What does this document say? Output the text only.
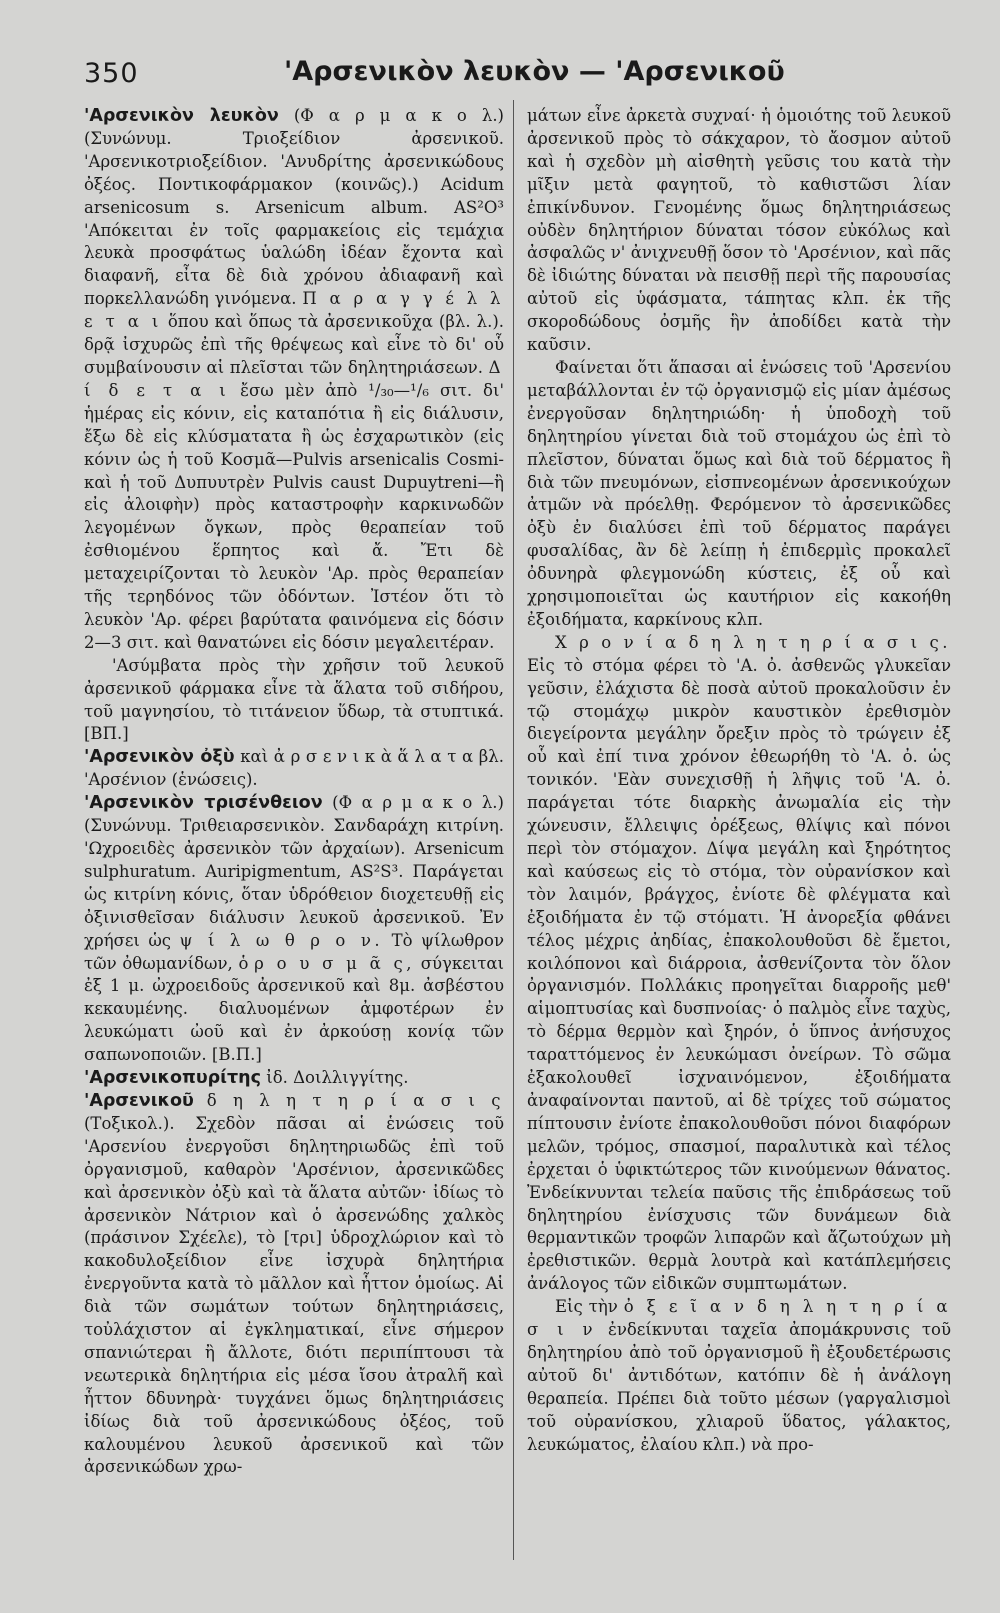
350	'Αρσενικὸν λευκὸν — 'Αρσενικοῦ

'Αρσενικὸν λευκὸν (Φ α ρ μ α κ ο λ.) (Συνώνυμ. Τριοξείδιον ἀρσενικοῦ. 'Αρσενικοτριοξείδιον. 'Ανυδρίτης ἀρσενικώδους ὀξέος. Ποντικοφάρμακον (κοινῶς).) Acidum arsenicosum s. Arsenicum album. AS²O³ 'Απόκειται ἐν τοῖς φαρμακείοις εἰς τεμάχια λευκὰ προσφάτως ὑαλώδη ἰδέαν ἔχοντα καὶ διαφανῆ, εἶτα δὲ διὰ χρόνου ἀδιαφανῆ καὶ πορκελλανώδη γινόμενα. Π α ρ α γ γ έ λ λ ε τ α ι ὅπου καὶ ὅπως τὰ ἀρσενικοῦχα (βλ. λ.). δρᾷ ἰσχυρῶς ἐπὶ τῆς θρέψεως καὶ εἶνε τὸ δι' οὗ συμβαίνουσιν αἱ πλεῖσται τῶν δηλητηριάσεων. Δ ί δ ε τ α ι ἔσω μὲν ἀπὸ ¹/₃₀—¹/₆ σιτ. δι' ἡμέρας εἰς κόνιν, εἰς καταπότια ἢ εἰς διάλυσιν, ἔξω δὲ εἰς κλύσματατα ἢ ὡς ἐσχαρωτικὸν (εἰς κόνιν ὡς ἡ τοῦ Κοσμᾶ—Pulvis arsenicalis Cosmi-καὶ ἡ τοῦ Δυπυυτρὲν Pulvis caust Dupuytreni—ἢ εἰς ἀλοιφὴν) πρὸς καταστροφὴν καρκινωδῶν λεγομένων ὄγκων, πρὸς θεραπείαν τοῦ ἐσθιομένου ἕρπητος καὶ ἄ. Ἔτι δὲ μεταχειρίζονται τὸ λευκὸν 'Αρ. πρὸς θεραπείαν τῆς τερηδόνος τῶν ὀδόντων. Ἰστέον ὅτι τὸ λευκὸν 'Αρ. φέρει βαρύτατα φαινόμενα εἰς δόσιν 2—3 σιτ. καὶ θανατώνει εἰς δόσιν μεγαλειτέραν.

'Ασύμβατα πρὸς τὴν χρῆσιν τοῦ λευκοῦ ἀρσενικοῦ φάρμακα εἶνε τὰ ἅλατα τοῦ σιδήρου, τοῦ μαγνησίου, τὸ τιτάνειον ὕδωρ, τὰ στυπτικά. [ΒΠ.]

'Αρσενικὸν ὀξὺ καὶ ἀ ρ σ ε ν ι κ ὰ ἅ λ α τ α βλ. 'Αρσένιον (ἑνώσεις).

'Αρσενικὸν τρισένθειον (Φ α ρ μ α κ ο λ.) (Συνώνυμ. Τριθειαρσενικὸν. Σανδαράχη κιτρίνη. 'Ωχροειδὲς ἀρσενικὸν τῶν ἀρχαίων). Arsenicum sulphuratum. Auripigmentum, AS²S³. Παράγεται ὡς κιτρίνη κόνις, ὅταν ὑδρόθειον διοχετευθῇ εἰς ὀξινισθεῖσαν διάλυσιν λευκοῦ ἀρσενικοῦ. Ἐν χρήσει ὡς ψ ί λ ω θ ρ ο ν. Τὸ ψίλωθρον τῶν ὀθωμανίδων, ὁ ρ ο υ σ μ ᾶ ς, σύγκειται ἐξ 1 μ. ὠχροειδοῦς ἀρσενικοῦ καὶ 8μ. ἀσβέστου κεκαυμένης. διαλυομένων ἀμφοτέρων ἐν λευκώματι ὠοῦ καὶ ἐν ἀρκούσῃ κονίᾳ τῶν σαπωνοποιῶν. [Β.Π.]

'Αρσενικοπυρίτης ἰδ. Δοιλλιγγίτης.

'Αρσενικοῦ δ η λ η τ η ρ ί α σ ι ς (Τοξικολ.). Σχεδὸν πᾶσαι αἱ ἑνώσεις τοῦ 'Αρσενίου ἐνεργοῦσι δηλητηριωδῶς ἐπὶ τοῦ ὀργανισμοῦ, καθαρὸν 'Αρσένιον, ἀρσενικῶδες καὶ ἀρσενικὸν ὀξὺ καὶ τὰ ἅλατα αὐτῶν· ἰδίως τὸ ἀρσενικὸν Νάτριον καὶ ὁ ἀρσενώδης χαλκὸς (πράσινον Σχέελε), τὸ [τρι] ὑδροχλώριον καὶ τὸ κακοδυλοξείδιον εἶνε ἰσχυρὰ δηλητήρια ἐνεργοῦντα κατὰ τὸ μᾶλλον καὶ ἧττον ὁμοίως. Αἱ διὰ τῶν σωμάτων τούτων δηλητηριάσεις, τοὐλάχιστον αἱ ἐγκληματικαί, εἶνε σήμερον σπανιώτεραι ἢ ἄλλοτε, διότι περιπίπτουσι τὰ νεωτερικὰ δηλητήρια εἰς μέσα ἴσου ἀτραλῆ καὶ ἧττον δδυνηρὰ· τυγχάνει ὅμως δηλητηριάσεις ἰδίως διὰ τοῦ ἀρσενικώδους ὀξέος, τοῦ καλουμένου λευκοῦ ἀρσενικοῦ καὶ τῶν ἀρσενικώδων χρω-

μάτων εἶνε ἀρκετὰ συχναί· ἡ ὁμοιότης τοῦ λευκοῦ ἀρσενικοῦ πρὸς τὸ σάκχαρον, τὸ ἄοσμον αὐτοῦ καὶ ἡ σχεδὸν μὴ αἰσθητὴ γεῦσις του κατὰ τὴν μῖξιν μετὰ φαγητοῦ, τὸ καθιστῶσι λίαν ἐπικίνδυνον. Γενομένης ὅμως δηλητηριάσεως οὐδὲν δηλητήριον δύναται τόσον εὐκόλως καὶ ἀσφαλῶς ν' ἀνιχνευθῇ ὅσον τὸ 'Αρσένιον, καὶ πᾶς δὲ ἰδιώτης δύναται νὰ πεισθῇ περὶ τῆς παρουσίας αὐτοῦ εἰς ὑφάσματα, τάπητας κλπ. ἐκ τῆς σκοροδώδους ὀσμῆς ἣν ἀποδίδει κατὰ τὴν καῦσιν.

Φαίνεται ὅτι ἅπασαι αἱ ἑνώσεις τοῦ 'Αρσενίου μεταβάλλονται ἐν τῷ ὀργανισμῷ εἰς μίαν ἀμέσως ἐνεργοῦσαν δηλητηριώδη· ἡ ὑποδοχὴ τοῦ δηλητηρίου γίνεται διὰ τοῦ στομάχου ὡς ἐπὶ τὸ πλεῖστον, δύναται ὅμως καὶ διὰ τοῦ δέρματος ἢ διὰ τῶν πνευμόνων, εἰσπνεομένων ἀρσενικούχων ἀτμῶν νὰ πρόελθῃ. Φερόμενον τὸ ἀρσενικῶδες ὀξὺ ἐν διαλύσει ἐπὶ τοῦ δέρματος παράγει φυσαλίδας, ἂν δὲ λείπῃ ἡ ἐπιδερμὶς προκαλεῖ ὀδυνηρὰ φλεγμονώδη κύστεις, ἐξ οὗ καὶ χρησιμοποιεῖται ὡς καυτήριον εἰς κακοήθη ἐξοιδήματα, καρκίνους κλπ.

Χ ρ ο ν ί α δ η λ η τ η ρ ί α σ ι ς. Εἰς τὸ στόμα φέρει τὸ 'Α. ὀ. ἀσθενῶς γλυκεῖαν γεῦσιν, ἐλάχιστα δὲ ποσὰ αὐτοῦ προκαλοῦσιν ἐν τῷ στομάχῳ μικρὸν καυστικὸν ἐρεθισμὸν διεγείροντα μεγάλην ὄρεξιν πρὸς τὸ τρώγειν ἐξ οὗ καὶ ἐπί τινα χρόνον ἐθεωρήθη τὸ 'Α. ὀ. ὡς τονικόν. 'Εὰν συνεχισθῇ ἡ λῆψις τοῦ 'Α. ὀ. παράγεται τότε διαρκὴς ἀνωμαλία εἰς τὴν χώνευσιν, ἔλλειψις ὀρέξεως, θλίψις καὶ πόνοι περὶ τὸν στόμαχον. Δίψα μεγάλη καὶ ξηρότητος καὶ καύσεως εἰς τὸ στόμα, τὸν οὐρανίσκον καὶ τὸν λαιμόν, βράγχος, ἐνίοτε δὲ φλέγματα καὶ ἐξοιδήματα ἐν τῷ στόματι. Ἡ ἀνορεξία φθάνει τέλος μέχρις ἀηδίας, ἐπακολουθοῦσι δὲ ἔμετοι, κοιλόπονοι καὶ διάρροια, ἀσθενίζοντα τὸν ὅλον ὀργανισμόν. Πολλάκις προηγεῖται διαρροῆς μεθ' αἱμοπτυσίας καὶ δυσπνοίας· ὁ παλμὸς εἶνε ταχὺς, τὸ δέρμα θερμὸν καὶ ξηρόν, ὁ ὕπνος ἀνήσυχος ταραττόμενος ἐν λευκώμασι ὀνείρων. Τὸ σῶμα ἐξακολουθεῖ ἰσχναινόμενον, ἐξοιδήματα ἀναφαίνονται παντοῦ, αἱ δὲ τρίχες τοῦ σώματος πίπτουσιν ἐνίοτε ἐπακολουθοῦσι πόνοι διαφόρων μελῶν, τρόμος, σπασμοί, παραλυτικὰ καὶ τέλος ἐρχεται ὁ ὑφικτώτερος τῶν κινούμενων θάνατος. Ἐνδείκνυνται τελεία παῦσις τῆς ἐπιδράσεως τοῦ δηλητηρίου ἐνίσχυσις τῶν δυνάμεων διὰ θερμαντικῶν τροφῶν λιπαρῶν καὶ ἄζωτούχων μὴ ἐρεθιστικῶν. θερμὰ λουτρὰ καὶ κατάπλεμήσεις ἀνάλογος τῶν εἰδικῶν συμπτωμάτων.

Εἰς τὴν ὀ ξ ε ῖ α ν δ η λ η τ η ρ ί α σ ι ν ἐνδείκνυται ταχεῖα ἀπομάκρυνσις τοῦ δηλητηρίου ἀπὸ τοῦ ὀργανισμοῦ ἢ ἐξουδετέρωσις αὐτοῦ δι' ἀντιδότων, κατόπιν δὲ ἡ ἀνάλογη θεραπεία. Πρέπει διὰ τοῦτο μέσων (γαργαλισμοὶ τοῦ οὐρανίσκου, χλιαροῦ ὕδατος, γάλακτος, λευκώματος, ἐλαίου κλπ.) νὰ προ-
